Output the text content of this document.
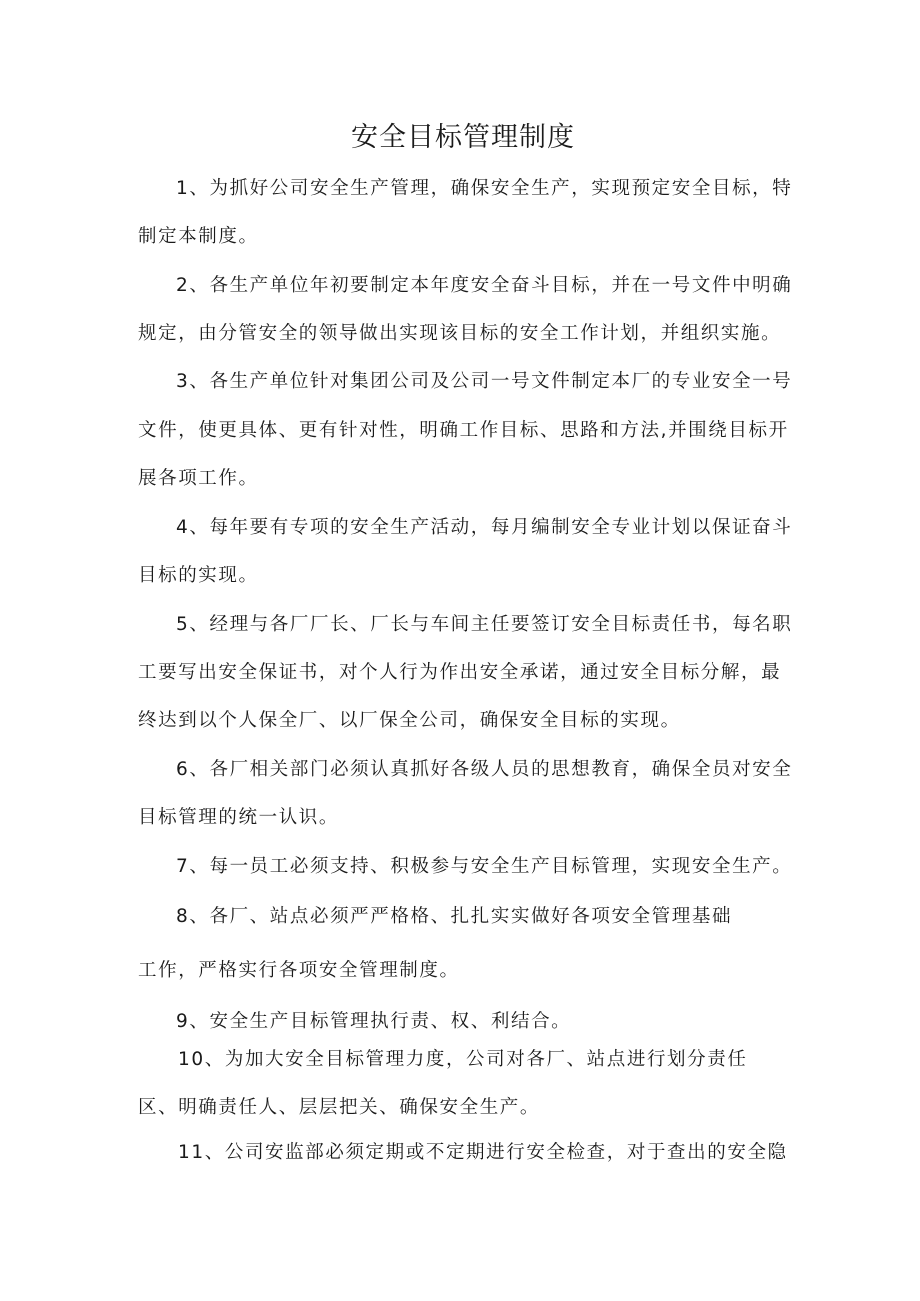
安全目标管理制度
1、为抓好公司安全生产管理，确保安全生产，实现预定安全目标，特
制定本制度。
2、各生产单位年初要制定本年度安全奋斗目标，并在一号文件中明确
规定，由分管安全的领导做出实现该目标的安全工作计划，并组织实施。
3、各生产单位针对集团公司及公司一号文件制定本厂的专业安全一号
文件，使更具体、更有针对性，明确工作目标、思路和方法,并围绕目标开
展各项工作。
4、每年要有专项的安全生产活动，每月编制安全专业计划以保证奋斗
目标的实现。
5、经理与各厂厂长、厂长与车间主任要签订安全目标责任书，每名职
工要写出安全保证书，对个人行为作出安全承诺，通过安全目标分解，最
终达到以个人保全厂、以厂保全公司，确保安全目标的实现。
6、各厂相关部门必须认真抓好各级人员的思想教育，确保全员对安全
目标管理的统一认识。
7、每一员工必须支持、积极参与安全生产目标管理，实现安全生产。
8、各厂、站点必须严严格格、扎扎实实做好各项安全管理基础
工作，严格实行各项安全管理制度。
9、安全生产目标管理执行责、权、利结合。
10、为加大安全目标管理力度，公司对各厂、站点进行划分责任
区、明确责任人、层层把关、确保安全生产。
11、公司安监部必须定期或不定期进行安全检查，对于查出的安全隐
